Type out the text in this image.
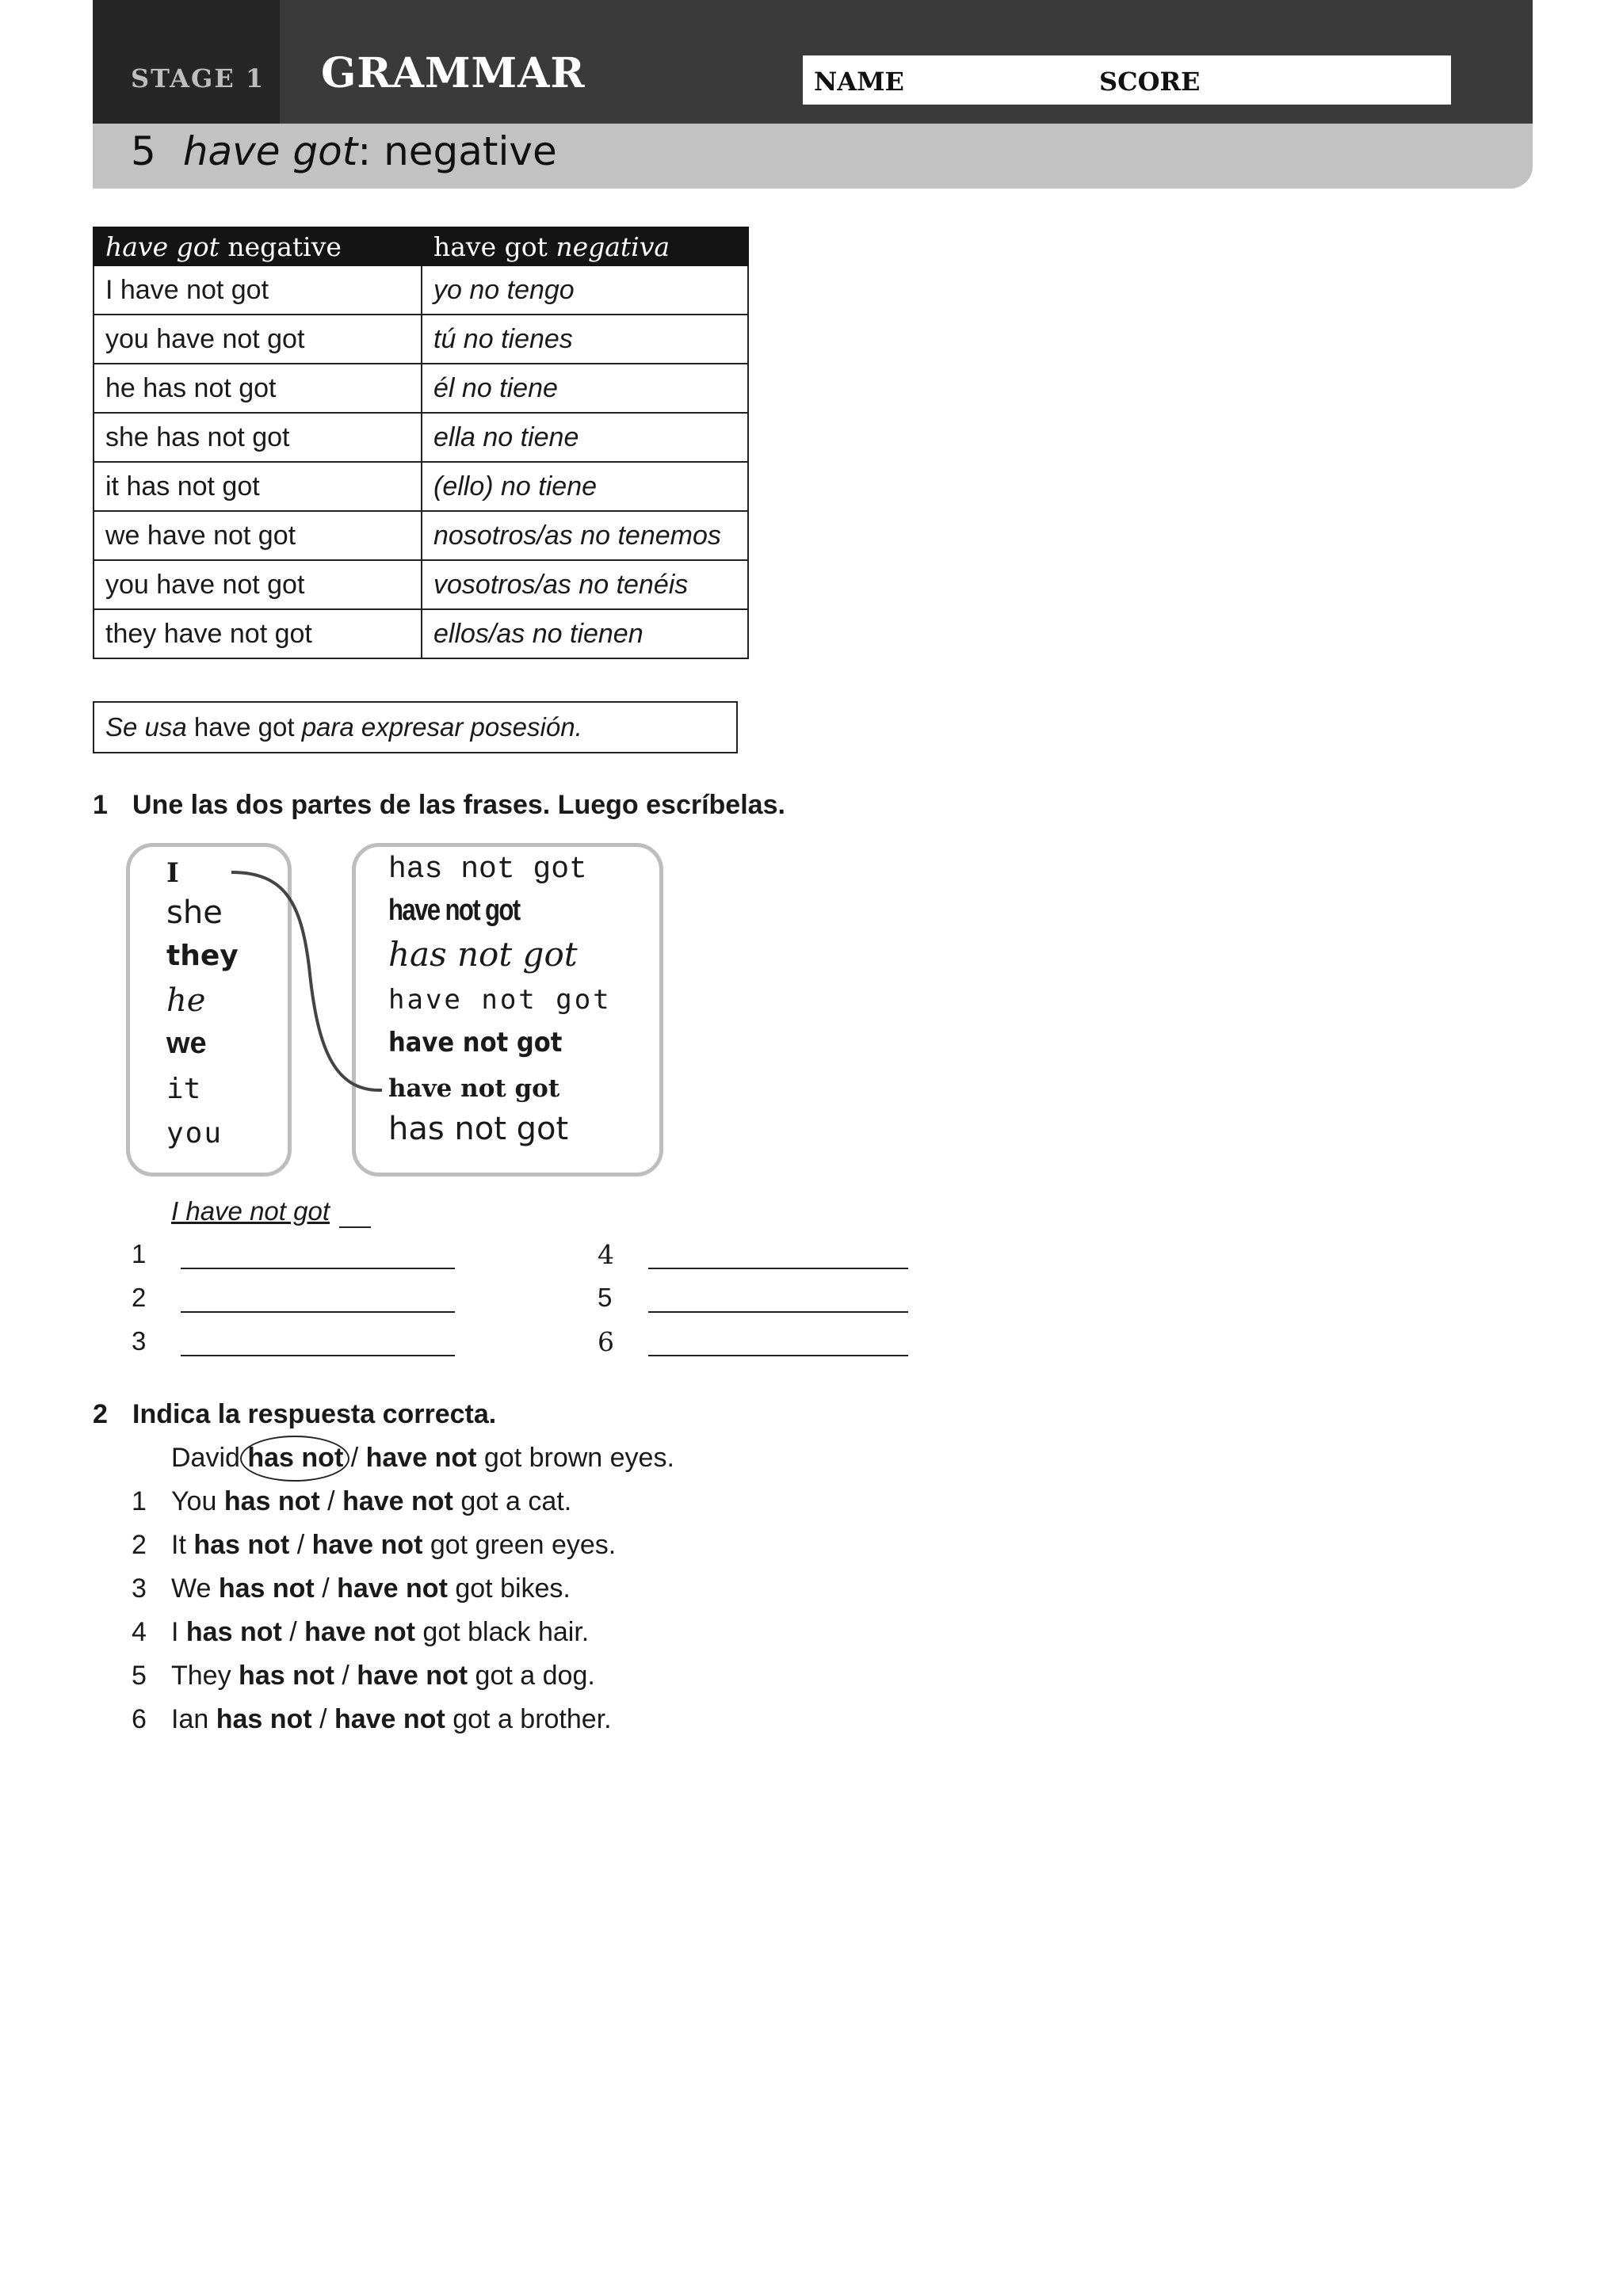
STAGE 1 GRAMMAR	NAME	SCORE
5 have got: negative
have got negative	have got negativa
I have not got	yo no tengo
you have not got	tú no tienes
he has not got	él no tiene
she has not got	ella no tiene
it has not got	(ello) no tiene
we have not got	nosotros/as no tenemos
you have not got	vosotros/as no tenéis
they have not got	ellos/as no tienen
Se usa have got para expresar posesión.
1 Une las dos partes de las frases. Luego escríbelas.
I
she
they
he
we
it
you
has not got
have not got
has not got
have not got
have not got
have not got
has not got
I have not got
1
2
3
4
5
6
2 Indica la respuesta correcta.
David has not / have not got brown eyes.
1 You has not / have not got a cat.
2 It has not / have not got green eyes.
3 We has not / have not got bikes.
4 I has not / have not got black hair.
5 They has not / have not got a dog.
6 Ian has not / have not got a brother.
